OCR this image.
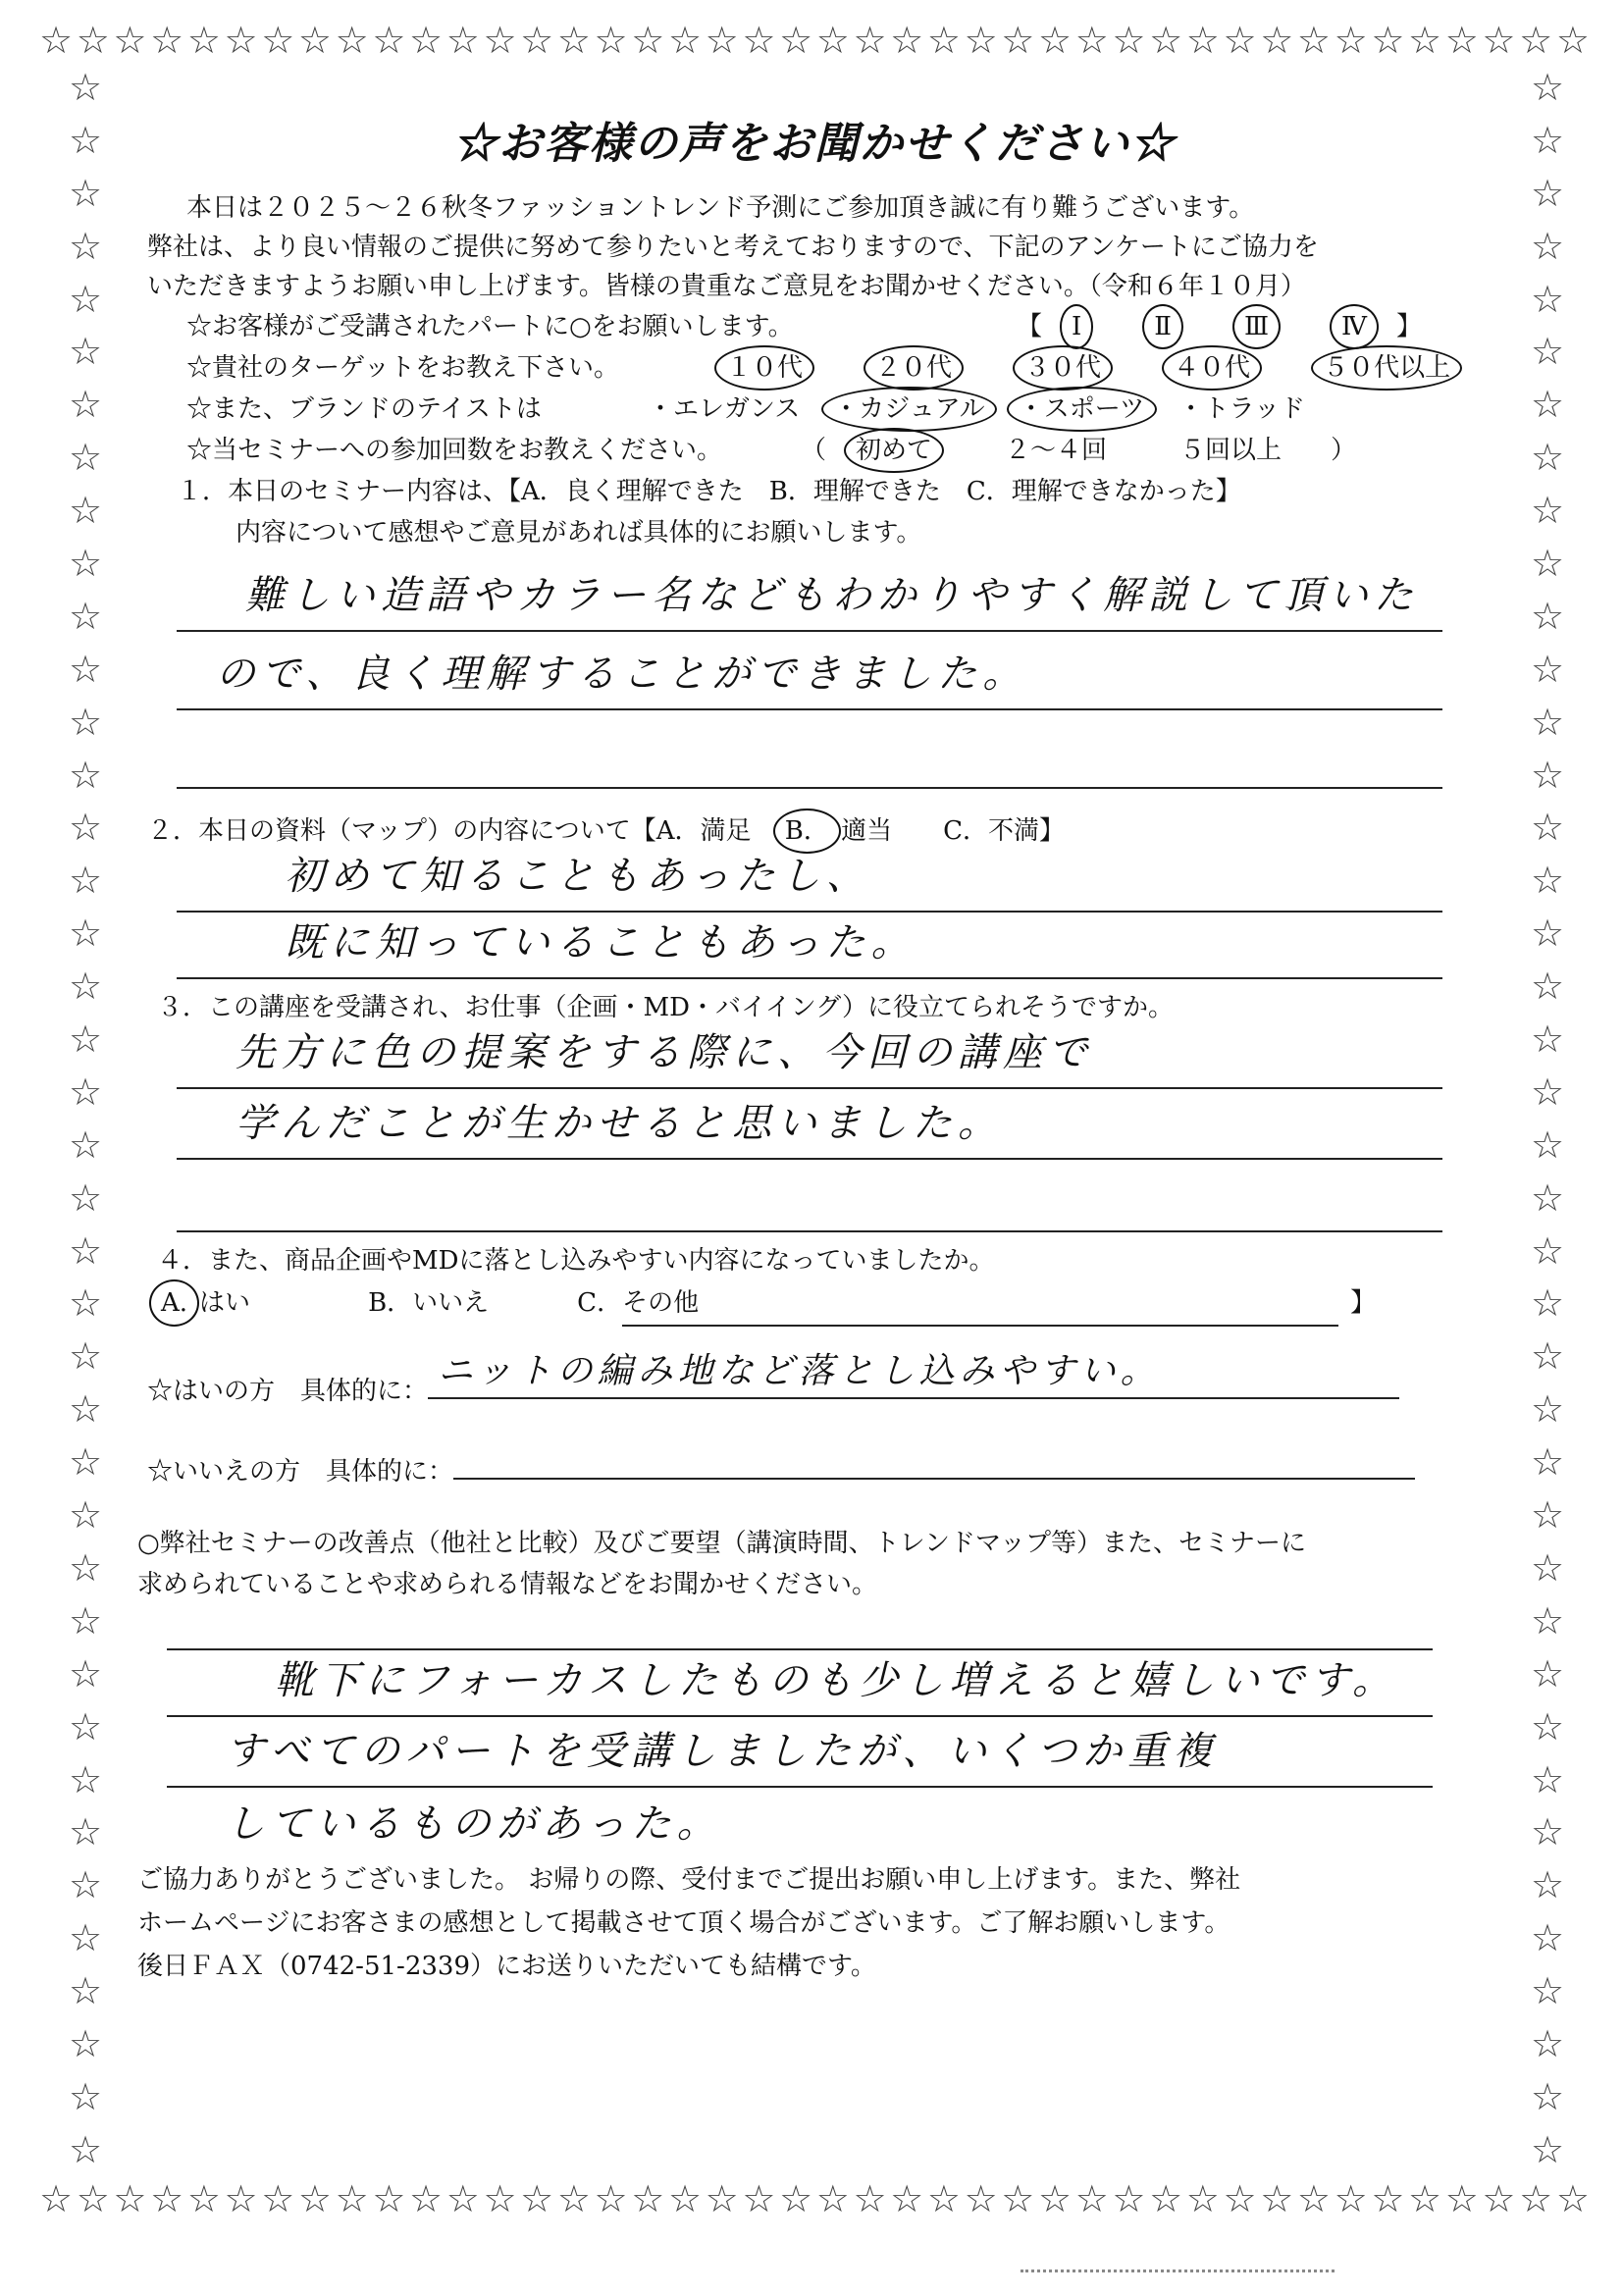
☆ ☆ ☆ ☆ ☆ ☆ ☆ ☆ ☆ ☆ ☆ ☆ ☆ ☆ ☆ ☆ ☆ ☆ ☆ ☆ ☆ ☆ ☆ ☆ ☆ ☆ ☆ ☆ ☆ ☆ ☆ ☆ ☆ ☆ ☆ ☆ ☆ ☆ ☆ ☆ ☆ ☆
☆ ☆ ☆ ☆ ☆ ☆ ☆ ☆ ☆ ☆ ☆ ☆ ☆ ☆ ☆ ☆ ☆ ☆ ☆ ☆ ☆ ☆ ☆ ☆ ☆ ☆ ☆ ☆ ☆ ☆ ☆ ☆ ☆ ☆ ☆ ☆ ☆ ☆ ☆ ☆ ☆ ☆
☆
☆
☆
☆
☆
☆
☆
☆
☆
☆
☆
☆
☆
☆
☆
☆
☆
☆
☆
☆
☆
☆
☆
☆
☆
☆
☆
☆
☆
☆
☆
☆
☆
☆
☆
☆
☆
☆
☆
☆
☆
☆
☆
☆
☆
☆
☆
☆
☆
☆
☆
☆
☆
☆
☆
☆
☆
☆
☆
☆
☆
☆
☆
☆
☆
☆
☆
☆
☆
☆
☆
☆
☆
☆
☆
☆
☆
☆
☆
☆
☆お客様の声をお聞かせください☆

本日は２０２５～２６秋冬ファッショントレンド予測にご参加頂き誠に有り難うございます。

弊社は、より良い情報のご提供に努めて参りたいと考えておりますので、下記のアンケートにご協力を

いただきますようお願い申し上げます。皆様の貴重なご意見をお聞かせください。（令和６年１０月）

☆お客様がご受講されたパートに○をお願いします。	【 Ⅰ	Ⅱ	Ⅲ	Ⅳ 】
☆貴社のターゲットをお教え下さい。	１０代	２０代	３０代	４０代	５０代以上
☆また、ブランドのテイストは	・エレガンス ・カジュアル ・スポーツ ・トラッド
☆当セミナーへの参加回数をお教えください。	（ 初めて	２～４回	５回以上 ）

１．本日のセミナー内容は、【A．良く理解できた　B．理解できた　C．理解できなかった】

内容について感想やご意見があれば具体的にお願いします。

難しい造語やカラー名などもわかりやすく解説して頂いた
ので、良く理解することができました。

２．本日の資料（マップ）の内容について【A．満足 B． 適当　　C．不満】

初めて知ることもあったし、
既に知っていることもあった。

３．この講座を受講され、お仕事（企画・MD・バイイング）に役立てられそうですか。

先方に色の提案をする際に、今回の講座で
学んだことが生かせると思いました。

４．また、商品企画やMDに落とし込みやすい内容になっていましたか。

A. はい	B．いいえ	C． その他	】
☆はいの方　具体的に： ニットの編み地など落とし込みやすい。
☆いいえの方　具体的に：

○弊社セミナーの改善点（他社と比較）及びご要望（講演時間、トレンドマップ等）また、セミナーに

求められていることや求められる情報などをお聞かせください。

靴下にフォーカスしたものも少し増えると嬉しいです。
すべてのパートを受講しましたが、いくつか重複
しているものがあった。

ご協力ありがとうございました。 お帰りの際、受付までご提出お願い申し上げます。また、弊社

ホームページにお客さまの感想として掲載させて頂く場合がございます。ご了解お願いします。

後日ＦＡＸ（0742-51-2339）にお送りいただいても結構です。
